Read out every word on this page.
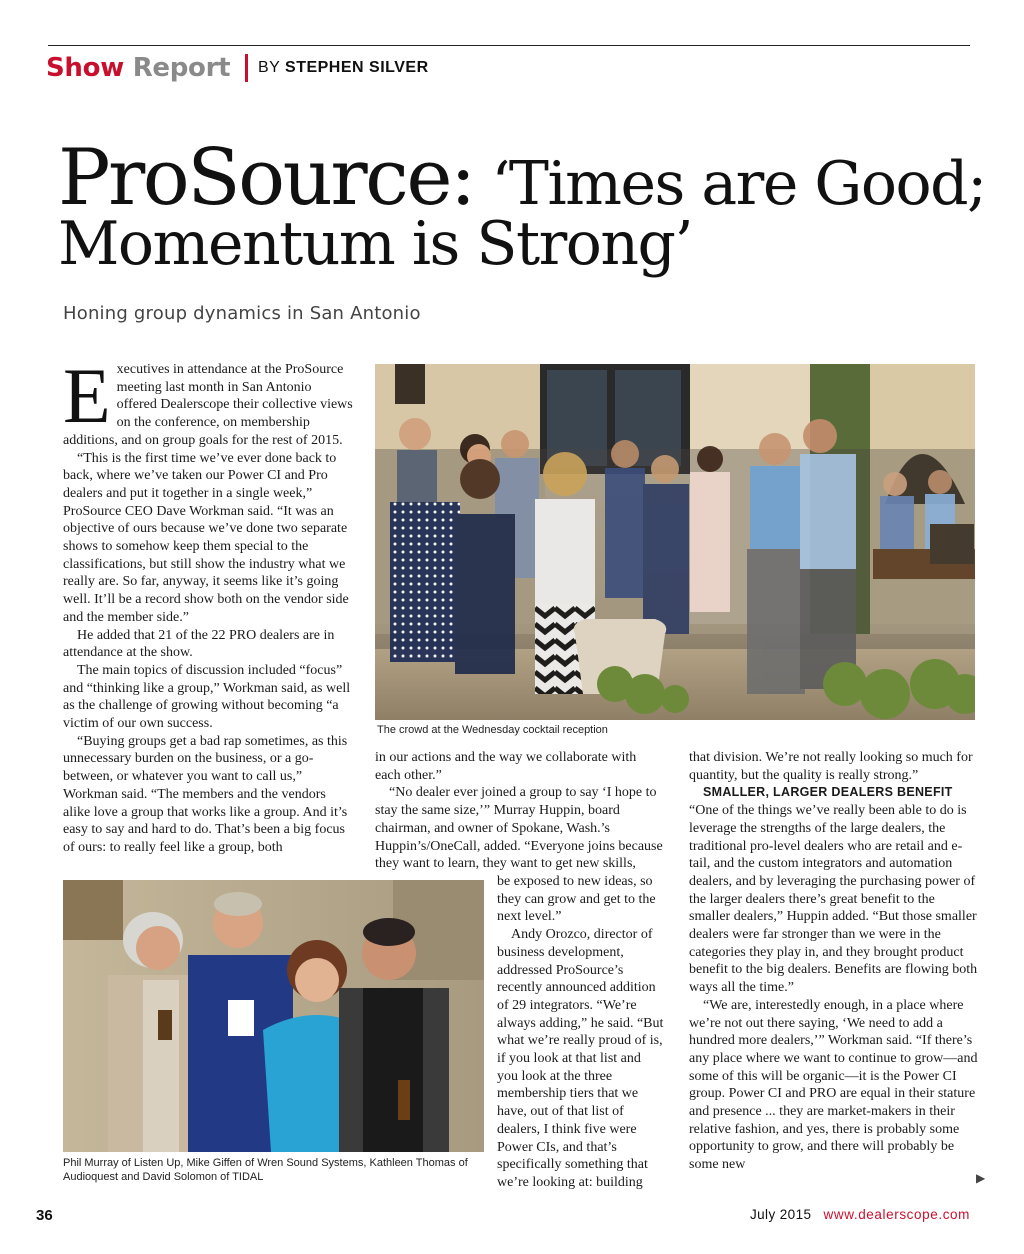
Show Report BY STEPHEN SILVER
ProSource: ‘Times are Good;
Momentum is Strong’
Honing group dynamics in San Antonio
E xecutives in attendance at the ProSource meeting last month in San Antonio offered Dealerscope their collective views on the conference, on membership additions, and on group goals for the rest of 2015.

“This is the first time we’ve ever done back to back, where we’ve taken our Power CI and Pro dealers and put it together in a single week,” ProSource CEO Dave Workman said. “It was an objective of ours because we’ve done two separate shows to somehow keep them special to the classifications, but still show the industry what we really are. So far, anyway, it seems like it’s going well. It’ll be a record show both on the vendor side and the member side.”

He added that 21 of the 22 PRO dealers are in attendance at the show.

The main topics of discussion included “focus” and “thinking like a group,” Workman said, as well as the challenge of growing without becoming “a victim of our own success.

“Buying groups get a bad rap sometimes, as this unnecessary burden on the business, or a go-between, or whatever you want to call us,” Workman said. “The members and the vendors alike love a group that works like a group. And it’s easy to say and hard to do. That’s been a big focus of ours: to really feel like a group, both

The crowd at the Wednesday cocktail reception

in our actions and the way we collaborate with each other.”

“No dealer ever joined a group to say ‘I hope to stay the same size,’” Murray Huppin, board chairman, and owner of Spokane, Wash.’s Huppin’s/OneCall, added. “Everyone joins because they want to learn, they want to get new skills,

Phil Murray of Listen Up, Mike Giffen of Wren Sound Systems, Kathleen Thomas of Audioquest and David Solomon of TIDAL

be exposed to new ideas, so they can grow and get to the next level.”

Andy Orozco, director of business development, addressed ProSource’s recently announced addition of 29 integrators. “We’re always adding,” he said. “But what we’re really proud of is, if you look at that list and you look at the three membership tiers that we have, out of that list of dealers, I think five were Power CIs, and that’s specifically something that we’re looking at: building

that division. We’re not really looking so much for quantity, but the quality is really strong.”

SMALLER, LARGER DEALERS BENEFIT

“One of the things we’ve really been able to do is leverage the strengths of the large dealers, the traditional pro-level dealers who are retail and e-tail, and the custom integrators and automation dealers, and by leveraging the purchasing power of the larger dealers there’s great benefit to the smaller dealers,” Huppin added. “But those smaller dealers were far stronger than we were in the categories they play in, and they brought product benefit to the big dealers. Benefits are flowing both ways all the time.”

“We are, interestedly enough, in a place where we’re not out there saying, ‘We need to add a hundred more dealers,’” Workman said. “If there’s any place where we want to continue to grow—and some of this will be organic—it is the Power CI group. Power CI and PRO are equal in their stature and presence ... they are market-makers in their relative fashion, and yes, there is probably some opportunity to grow, and there will probably be some new

▶
36	July 2015 www.dealerscope.com
